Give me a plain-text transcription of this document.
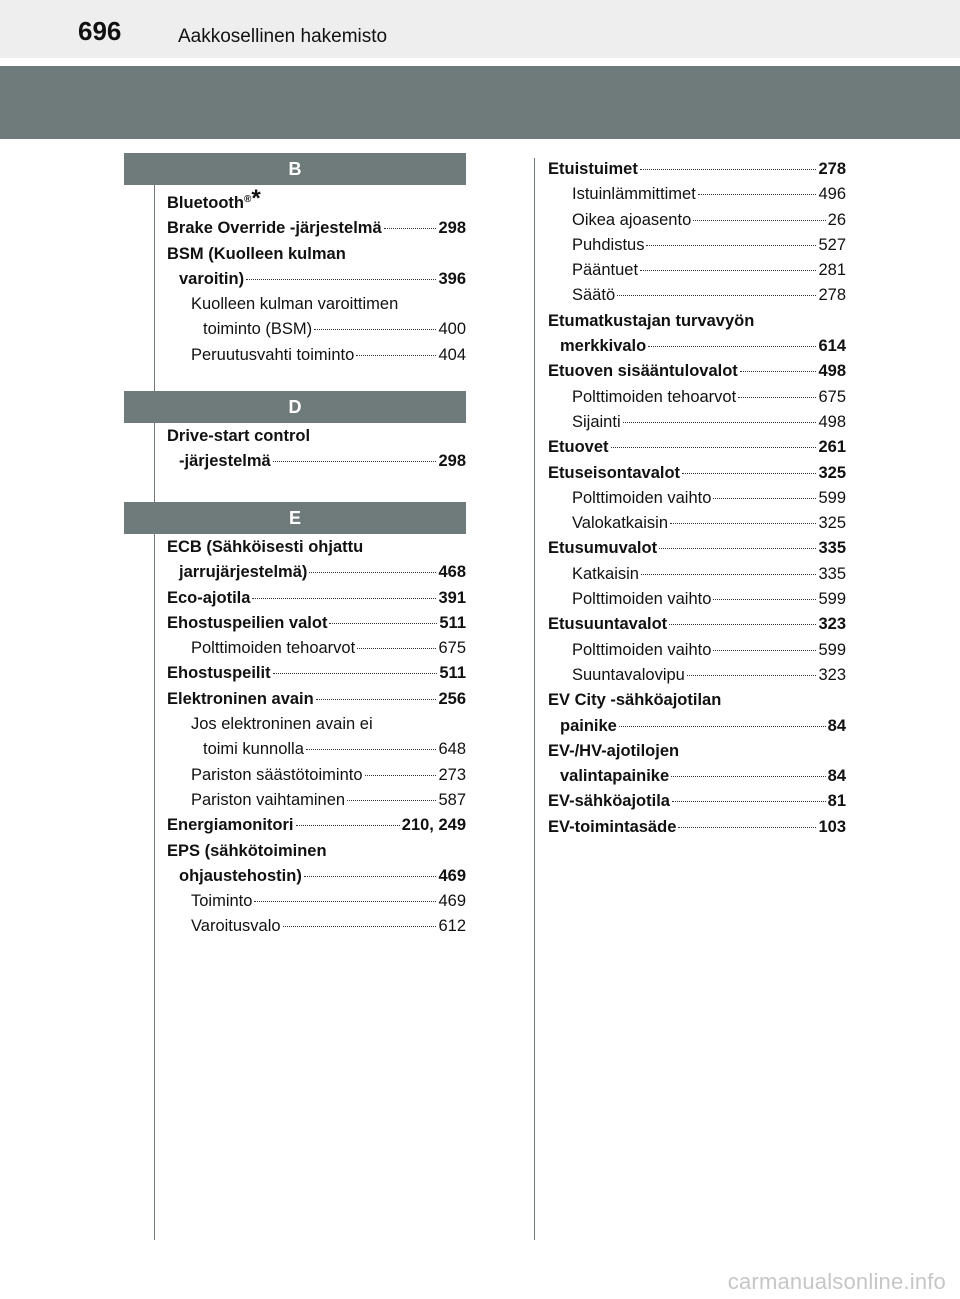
696	Aakkosellinen hakemisto
B
Bluetooth®*
Brake Override -järjestelmä	298
BSM (Kuolleen kulman
varoitin)	396
Kuolleen kulman varoittimen
toiminto (BSM)	400
Peruutusvahti toiminto	404
D
Drive-start control
-järjestelmä	298
E
ECB (Sähköisesti ohjattu
jarrujärjestelmä)	468
Eco-ajotila	391
Ehostuspeilien valot	511
Polttimoiden tehoarvot	675
Ehostuspeilit	511
Elektroninen avain	256
Jos elektroninen avain ei
toimi kunnolla	648
Pariston säästötoiminto	273
Pariston vaihtaminen	587
Energiamonitori	210, 249
EPS (sähkötoiminen
ohjaustehostin)	469
Toiminto	469
Varoitusvalo	612
Etuistuimet	278
Istuinlämmittimet	496
Oikea ajoasento	26
Puhdistus	527
Pääntuet	281
Säätö	278
Etumatkustajan turvavyön
merkkivalo	614
Etuoven sisääntulovalot	498
Polttimoiden tehoarvot	675
Sijainti	498
Etuovet	261
Etuseisontavalot	325
Polttimoiden vaihto	599
Valokatkaisin	325
Etusumuvalot	335
Katkaisin	335
Polttimoiden vaihto	599
Etusuuntavalot	323
Polttimoiden vaihto	599
Suuntavalovipu	323
EV City -sähköajotilan
painike	84
EV-/HV-ajotilojen
valintapainike	84
EV-sähköajotila	81
EV-toimintasäde	103
carmanualsonline.info
